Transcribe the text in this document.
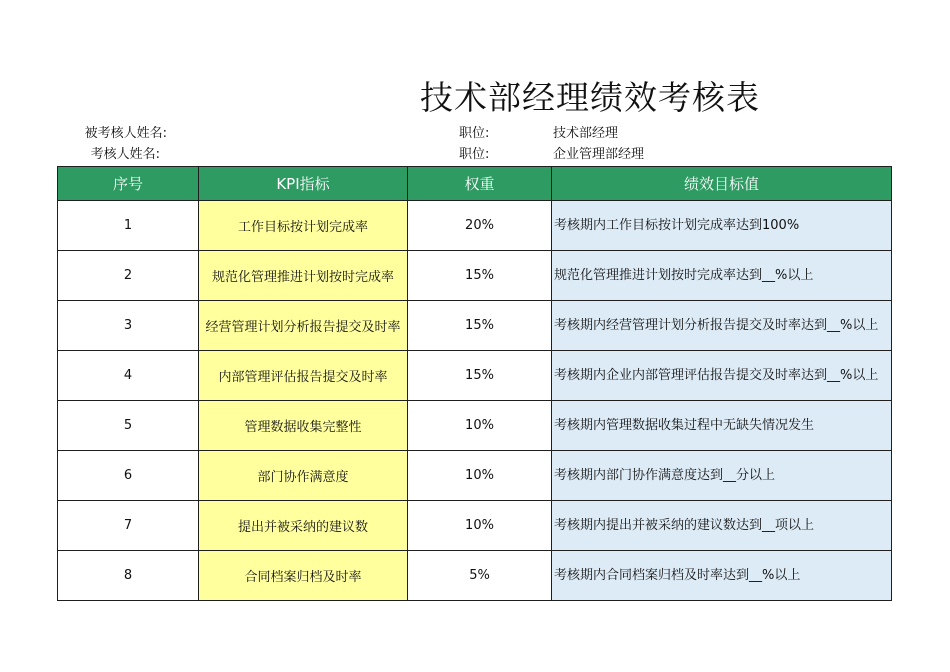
技术部经理绩效考核表
被考核人姓名:
考核人姓名:
职位:	技术部经理
职位:	企业管理部经理
序号	KPI指标	权重	绩效目标值
1	工作目标按计划完成率	20%	考核期内工作目标按计划完成率达到100%
2	规范化管理推进计划按时完成率	15%	规范化管理推进计划按时完成率达到__%以上
3	经营管理计划分析报告提交及时率	15%	考核期内经营管理计划分析报告提交及时率达到__%以上
4	内部管理评估报告提交及时率	15%	考核期内企业内部管理评估报告提交及时率达到__%以上
5	管理数据收集完整性	10%	考核期内管理数据收集过程中无缺失情况发生
6	部门协作满意度	10%	考核期内部门协作满意度达到__分以上
7	提出并被采纳的建议数	10%	考核期内提出并被采纳的建议数达到__项以上
8	合同档案归档及时率	5%	考核期内合同档案归档及时率达到__%以上
